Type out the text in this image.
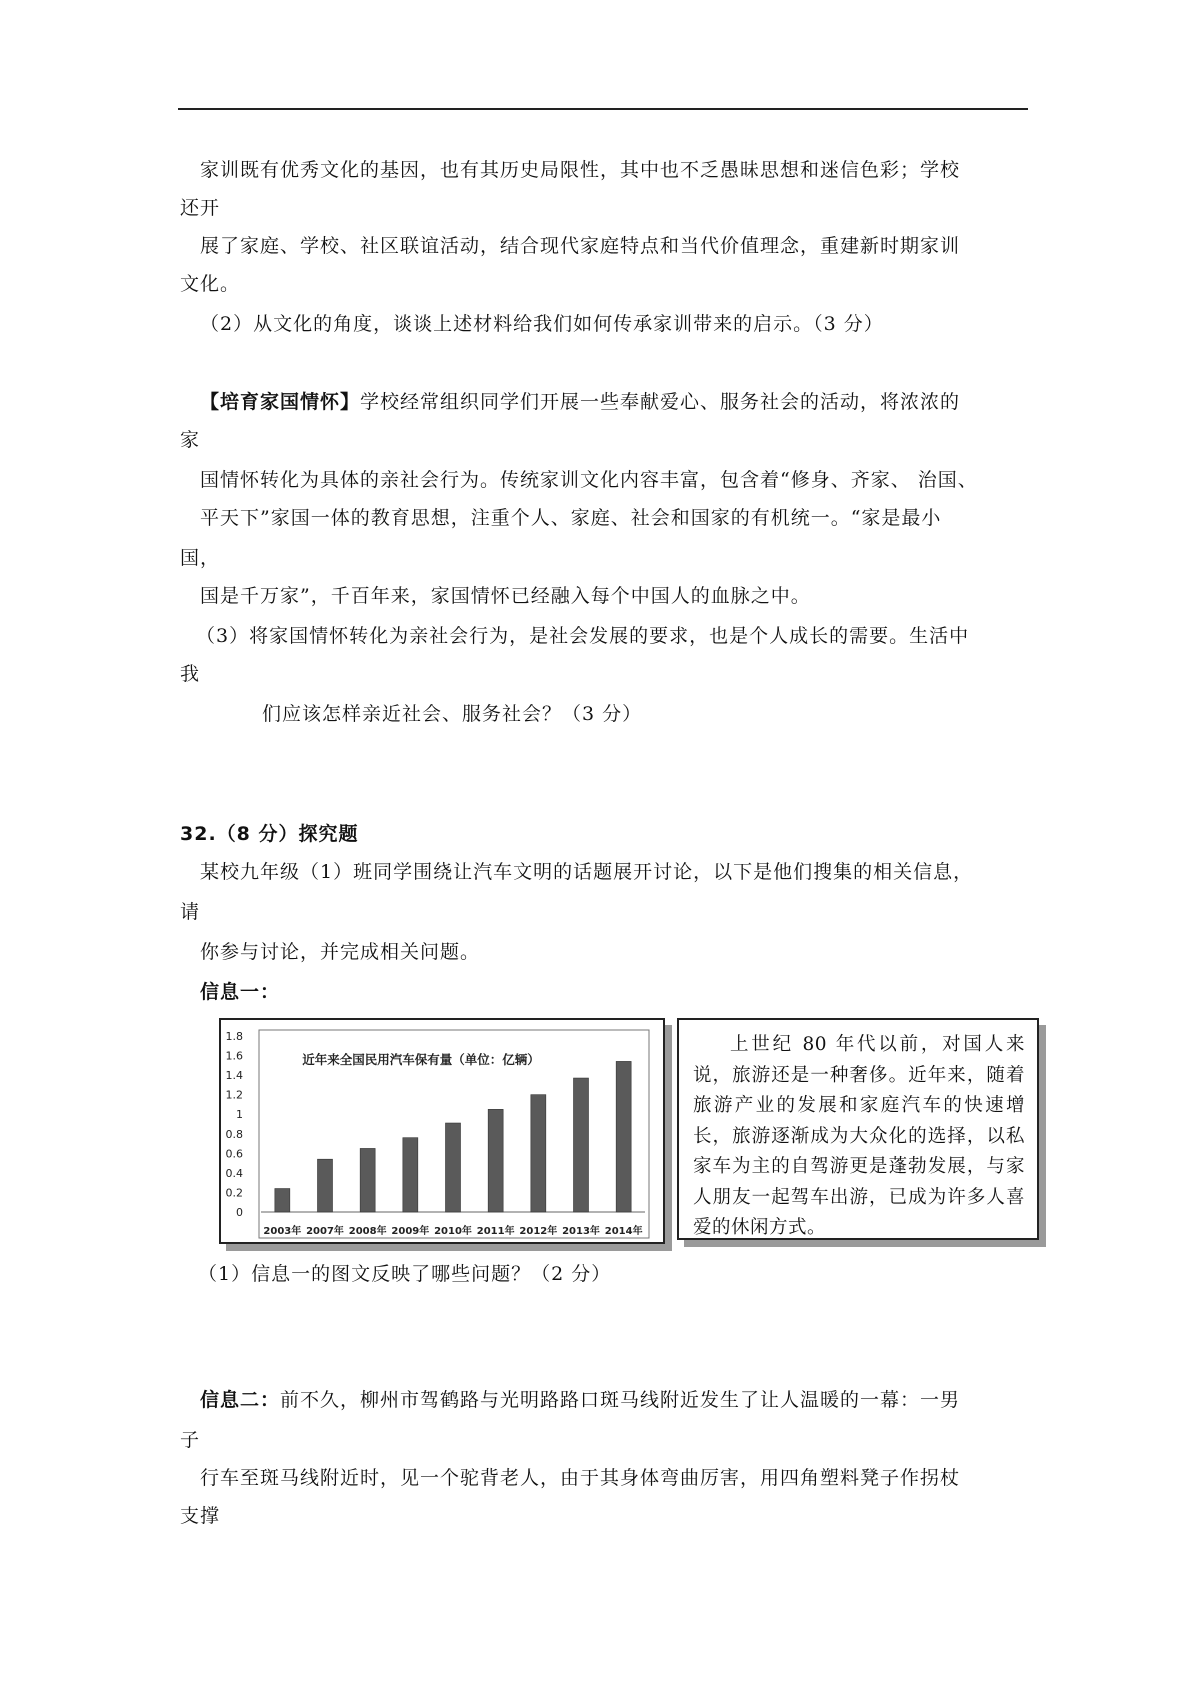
家训既有优秀文化的基因，也有其历史局限性，其中也不乏愚昧思想和迷信色彩；学校
还开
展了家庭、学校、社区联谊活动，结合现代家庭特点和当代价值理念，重建新时期家训
文化。
（2）从文化的角度，谈谈上述材料给我们如何传承家训带来的启示。（3 分）
【培育家国情怀】学校经常组织同学们开展一些奉献爱心、服务社会的活动，将浓浓的
家
国情怀转化为具体的亲社会行为。传统家训文化内容丰富，包含着“修身、齐家、 治国、
平天下”家国一体的教育思想，注重个人、家庭、社会和国家的有机统一。“家是最小
国，
国是千万家”，千百年来，家国情怀已经融入每个中国人的血脉之中。
（3）将家国情怀转化为亲社会行为，是社会发展的要求，也是个人成长的需要。生活中
我
们应该怎样亲近社会、服务社会？（3 分）
32.（8 分）探究题
某校九年级（1）班同学围绕让汽车文明的话题展开讨论，以下是他们搜集的相关信息，
请
你参与讨论，并完成相关问题。
信息一：
0
0.2
0.4
0.6
0.8
1
1.2
1.4
1.6
1.8
近年来全国民用汽车保有量（单位：亿辆）
2003年 2007年 2008年 2009年 2010年 2011年 2012年 2013年 2014年

上世纪 80 年代以前，对国人来说，旅游还是一种奢侈。近年来，随着旅游产业的发展和家庭汽车的快速增长，旅游逐渐成为大众化的选择，以私家车为主的自驾游更是蓬勃发展，与家人朋友一起驾车出游，已成为许多人喜爱的休闲方式。

（1）信息一的图文反映了哪些问题？（2 分）
信息二：前不久，柳州市驾鹤路与光明路路口斑马线附近发生了让人温暖的一幕：一男
子
行车至斑马线附近时，见一个驼背老人，由于其身体弯曲厉害，用四角塑料凳子作拐杖
支撑
